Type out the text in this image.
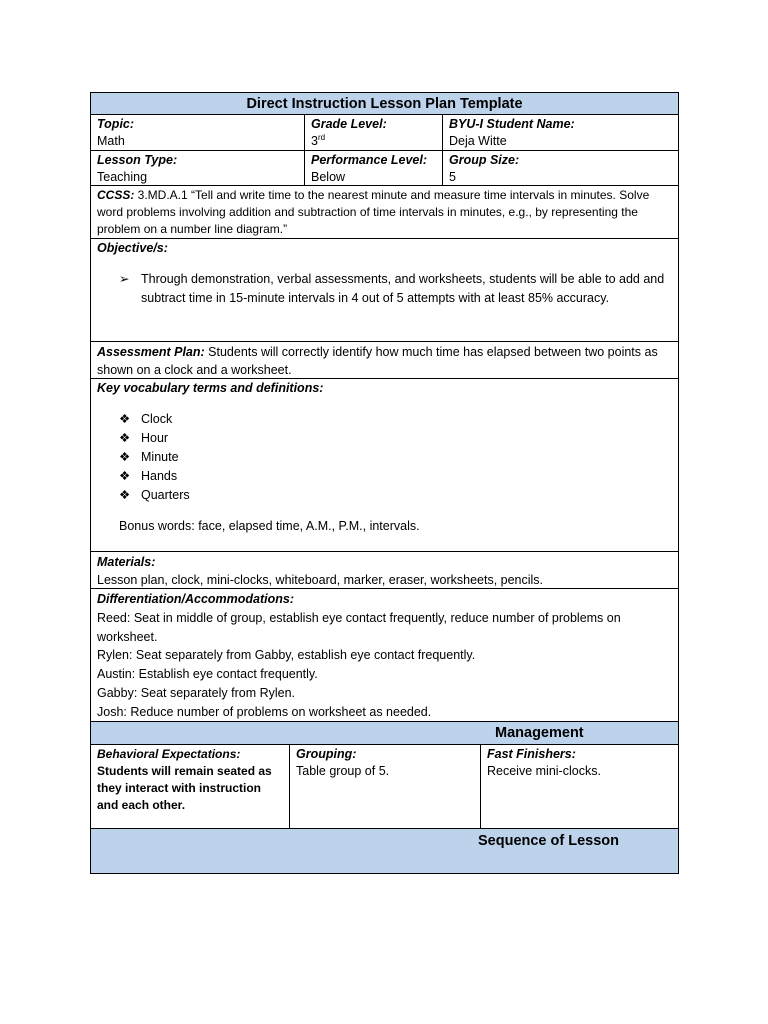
Direct Instruction Lesson Plan Template
Topic:
Math
Grade Level:
3rd
BYU-I Student Name:
Deja Witte
Lesson Type:
Teaching
Performance Level:
Below
Group Size:
5
CCSS: 3.MD.A.1 “Tell and write time to the nearest minute and measure time intervals in minutes. Solve word problems involving addition and subtraction of time intervals in minutes, e.g., by representing the problem on a number line diagram.”
Objective/s:
➢ Through demonstration, verbal assessments, and worksheets, students will be able to add and subtract time in 15-minute intervals in 4 out of 5 attempts with at least 85% accuracy.
Assessment Plan: Students will correctly identify how much time has elapsed between two points as shown on a clock and a worksheet.
Key vocabulary terms and definitions:
❖ Clock
❖ Hour
❖ Minute
❖ Hands
❖ Quarters
Bonus words: face, elapsed time, A.M., P.M., intervals.
Materials:
Lesson plan, clock, mini-clocks, whiteboard, marker, eraser, worksheets, pencils.
Differentiation/Accommodations:
Reed: Seat in middle of group, establish eye contact frequently, reduce number of problems on worksheet.
Rylen: Seat separately from Gabby, establish eye contact frequently.
Austin: Establish eye contact frequently.
Gabby: Seat separately from Rylen.
Josh: Reduce number of problems on worksheet as needed.
Management
Behavioral Expectations:
Students will remain seated as they interact with instruction and each other.
Grouping:
Table group of 5.
Fast Finishers:
Receive mini-clocks.
Sequence of Lesson
